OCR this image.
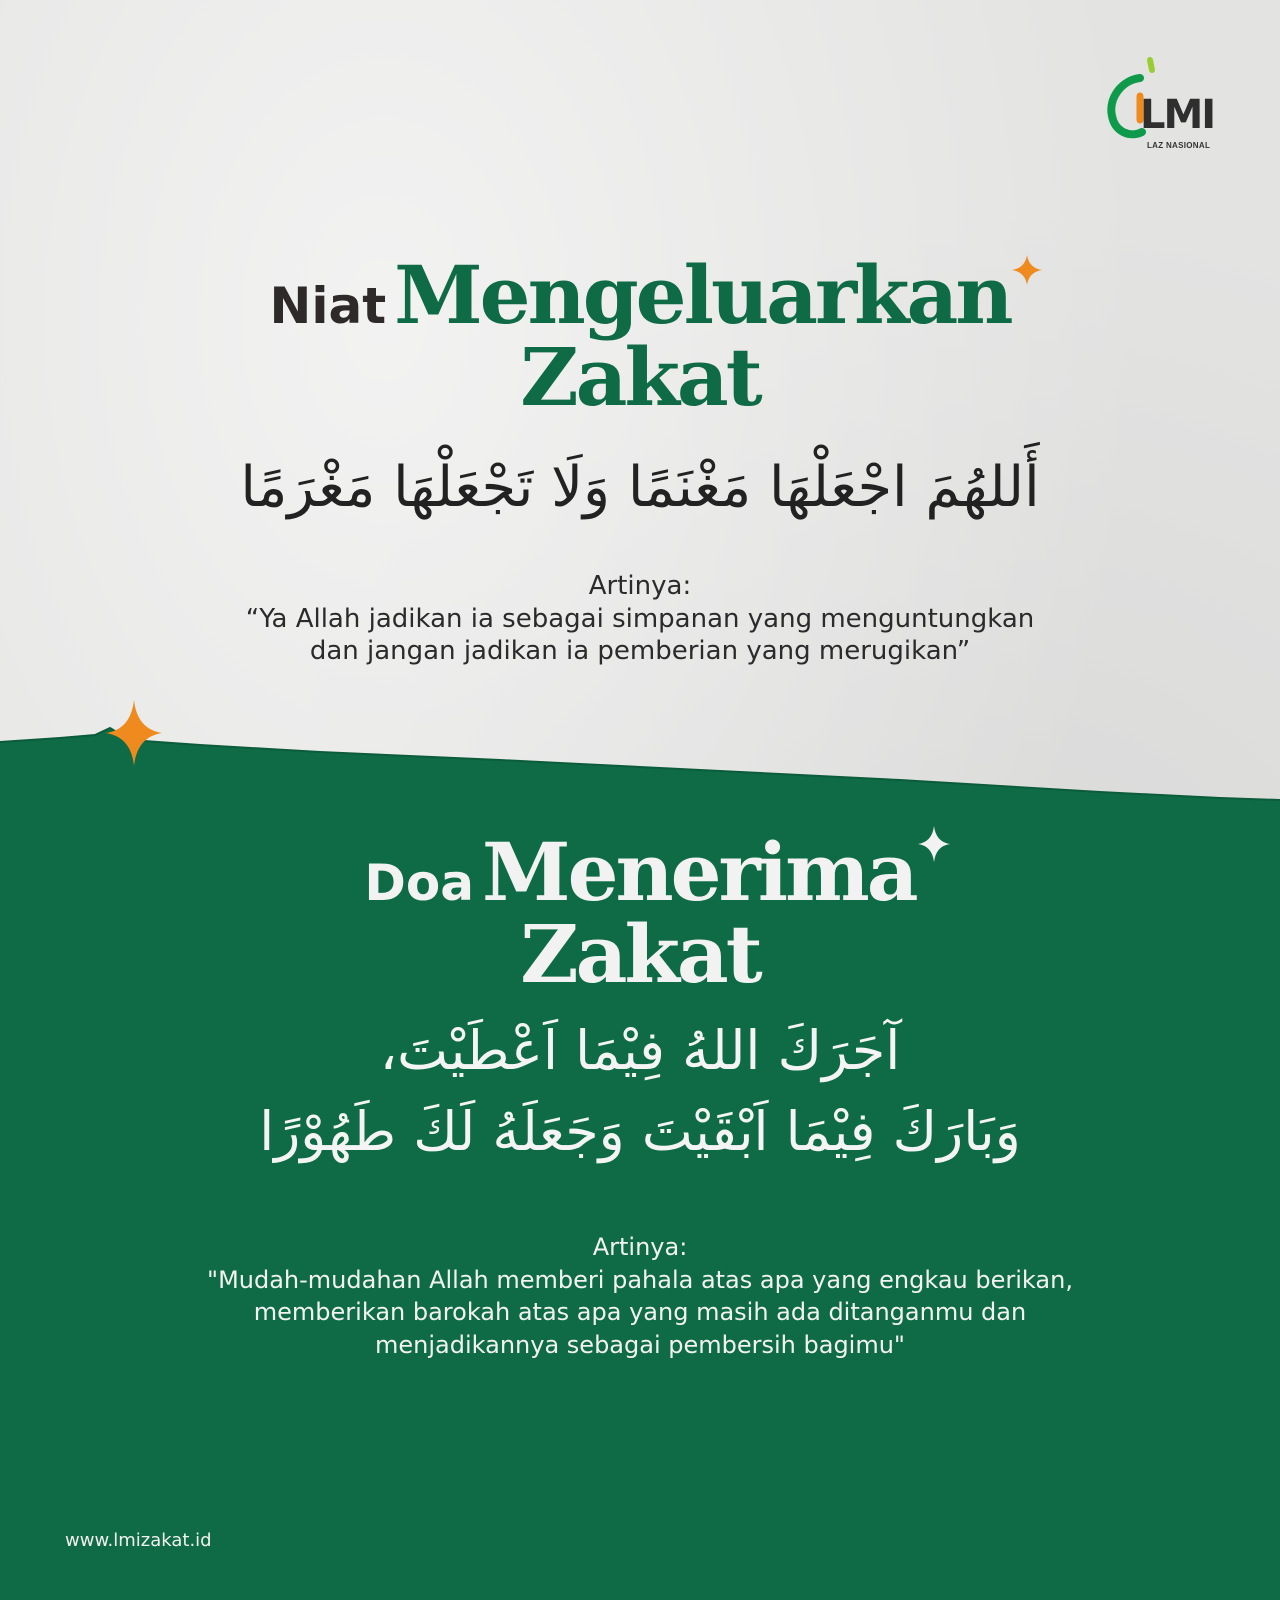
LMI
LAZ NASIONAL
Niat Mengeluarkan
Zakat
أَللهُمَ اجْعَلْهَا مَغْنَمًا وَلَا تَجْعَلْهَا مَغْرَمًا
Artinya:
“Ya Allah jadikan ia sebagai simpanan yang menguntungkan
dan jangan jadikan ia pemberian yang merugikan”
Doa Menerima
Zakat
آجَرَكَ اللهُ فِيْمَا اَعْطَيْتَ،
وَبَارَكَ فِيْمَا اَبْقَيْتَ وَجَعَلَهُ لَكَ طَهُوْرًا
Artinya:
"Mudah-mudahan Allah memberi pahala atas apa yang engkau berikan,
memberikan barokah atas apa yang masih ada ditanganmu dan
menjadikannya sebagai pembersih bagimu"
www.lmizakat.id
